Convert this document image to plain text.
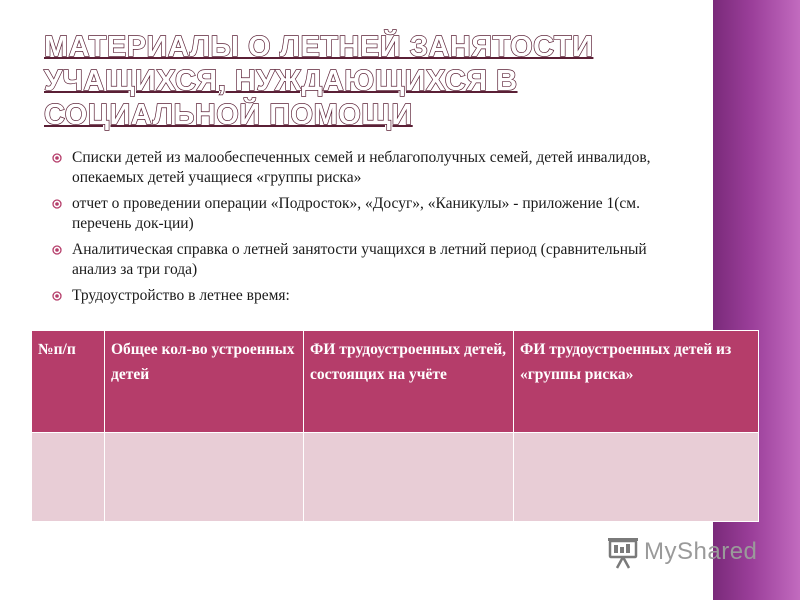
МАТЕРИАЛЫ О ЛЕТНЕЙ ЗАНЯТОСТИ УЧАЩИХСЯ, НУЖДАЮЩИХСЯ В СОЦИАЛЬНОЙ ПОМОЩИ
Списки детей из малообеспеченных семей и неблагополучных семей, детей инвалидов, опекаемых детей учащиеся «группы риска»
отчет о проведении операции «Подросток», «Досуг», «Каникулы» - приложение 1(см. перечень док-ции)
Аналитическая справка о летней занятости учащихся в летний период (сравнительный анализ за три года)
Трудоустройство в летнее время:
№п/п	Общее кол-во устроенных детей	ФИ трудоустроенных детей, состоящих на учёте	ФИ трудоустроенных детей из «группы риска»

MyShared
